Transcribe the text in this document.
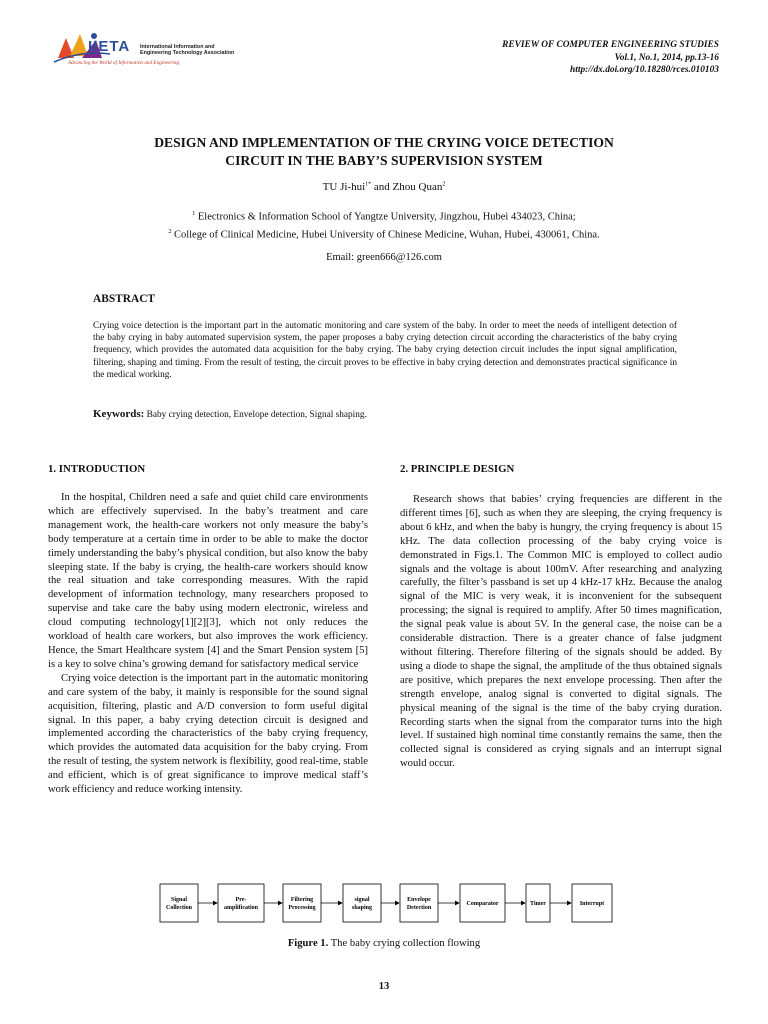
IIETA International Information and
Engineering Technology Association
Advancing the World of Information and Engineering
REVIEW OF COMPUTER ENGINEERING STUDIES
Vol.1, No.1, 2014, pp.13-16
http://dx.doi.org/10.18280/rces.010103
DESIGN AND IMPLEMENTATION OF THE CRYING VOICE DETECTION
CIRCUIT IN THE BABY’S SUPERVISION SYSTEM
TU Ji-hui$^{1*}$ and Zhou Quan$^2$
$^1$ Electronics & Information School of Yangtze University, Jingzhou, Hubei 434023, China;
$^2$ College of Clinical Medicine, Hubei University of Chinese Medicine, Wuhan, Hubei, 430061, China.
Email: green666@126.com
ABSTRACT
Crying voice detection is the important part in the automatic monitoring and care system of the baby. In order to meet the needs of intelligent detection of the baby crying in baby automated supervision system, the paper proposes a baby crying detection circuit according the characteristics of the baby crying frequency, which provides the automated data acquisition for the baby crying. The baby crying detection circuit includes the input signal amplification, filtering, shaping and timing. From the result of testing, the circuit proves to be effective in baby crying detection and demonstrates practical significance in the medical working.
Keywords: Baby crying detection, Envelope detection, Signal shaping.
1. INTRODUCTION

In the hospital, Children need a safe and quiet child care environments which are effectively supervised. In the baby’s treatment and care management work, the health-care workers not only measure the baby’s body temperature at a certain time in order to be able to make the doctor timely understanding the baby’s physical condition, but also know the baby sleeping state. If the baby is crying, the health-care workers should know the real situation and take corresponding measures. With the rapid development of information technology, many researchers proposed to supervise and take care the baby using modern electronic, wireless and cloud computing technology[1][2][3], which not only reduces the workload of health care workers, but also improves the work efficiency. Hence, the Smart Healthcare system [4] and the Smart Pension system [5] is a key to solve china’s growing demand for satisfactory medical service

Crying voice detection is the important part in the automatic monitoring and care system of the baby, it mainly is responsible for the sound signal acquisition, filtering, plastic and A/D conversion to form useful digital signal. In this paper, a baby crying detection circuit is designed and implemented according the characteristics of the baby crying frequency, which provides the automated data acquisition for the baby crying. From the result of testing, the system network is flexibility, good real-time, stable and efficient, which is of great significance to improve medical staff’s work efficiency and reduce working intensity.

2. PRINCIPLE DESIGN

Research shows that babies’ crying frequencies are different in the different times [6], such as when they are sleeping, the crying frequency is about 6 kHz, and when the baby is hungry, the crying frequency is about 15 kHz. The data collection processing of the baby crying voice is demonstrated in Figs.1. The Common MIC is employed to collect audio signals and the voltage is about 100mV. After researching and analyzing carefully, the filter’s passband is set up 4 kHz-17 kHz. Because the analog signal of the MIC is very weak, it is inconvenient for the subsequent processing; the signal is required to amplify. After 50 times magnification, the signal peak value is about 5V. In the general case, the noise can be a considerable distraction. There is a greater chance of false judgment without filtering. Therefore filtering of the signals should be added. By using a diode to shape the signal, the amplitude of the thus obtained signals are positive, which prepares the next envelope processing. Then after the strength envelope, analog signal is converted to digital signals. The physical meaning of the signal is the time of the baby crying duration. Recording starts when the signal from the comparator turns into the high level. If sustained high nominal time constantly remains the same, then the collected signal is considered as crying signals and an interrupt signal would occur.

Signal
Collection
Pre-
amplification
Filtering
Processing
signal
shaping
Envelope
Detection
Comparator	Timer	Interrupt
Figure 1. The baby crying collection flowing
13
